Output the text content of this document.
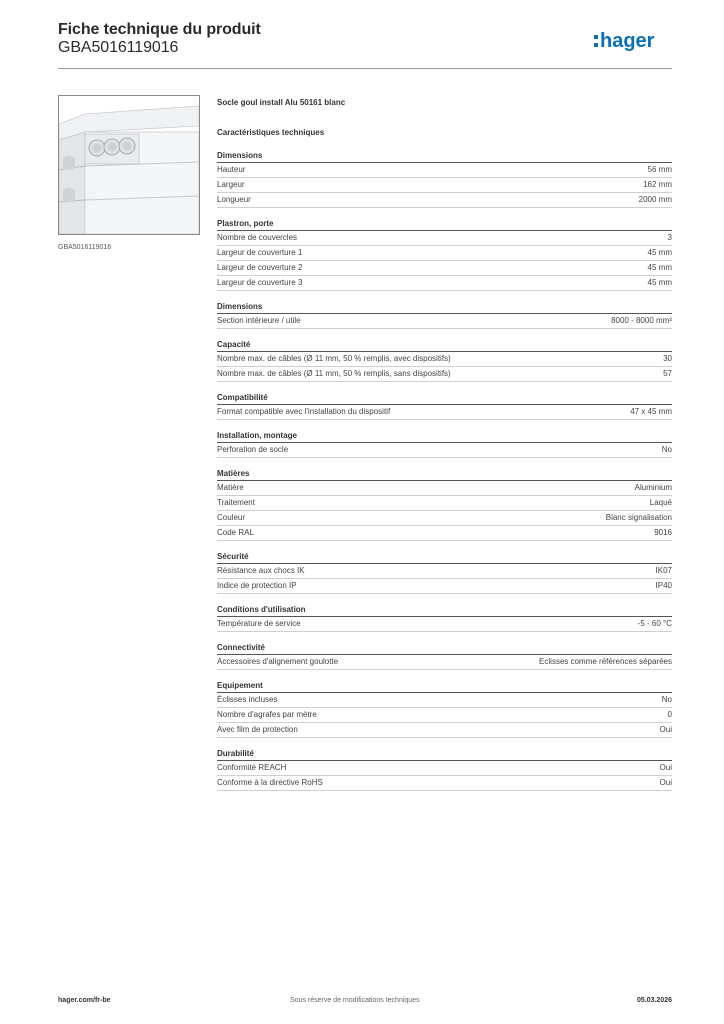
Fiche technique du produit
GBA5016119016	hager
GBA5016119016
Socle goul install Alu 50161 blanc
Caractéristiques techniques
Dimensions
Hauteur	56 mm
Largeur	162 mm
Longueur	2000 mm
Plastron, porte
Nombre de couvercles	3
Largeur de couverture 1	45 mm
Largeur de couverture 2	45 mm
Largeur de couverture 3	45 mm
Dimensions
Section intérieure / utile	8000 - 8000 mm²
Capacité
Nombre max. de câbles (Ø 11 mm, 50 % remplis, avec dispositifs)	30
Nombre max. de câbles (Ø 11 mm, 50 % remplis, sans dispositifs)	57
Compatibilité
Format compatible avec l'installation du dispositif	47 x 45 mm
Installation, montage
Perforation de socle	No
Matières
Matière	Aluminium
Traitement	Laqué
Couleur	Blanc signalisation
Code RAL	9016
Sécurité
Résistance aux chocs IK	IK07
Indice de protection IP	IP40
Conditions d'utilisation
Température de service	-5 - 60 °C
Connectivité
Accessoires d'alignement goulotte	Eclisses comme références séparées
Equipement
Éclisses incluses	No
Nombre d'agrafes par mètre	0
Avec film de protection	Oui
Durabilité
Conformité REACH	Oui
Conforme à la directive RoHS	Oui
hager.com/fr-be	Sous réserve de modifications techniques	05.03.2026
